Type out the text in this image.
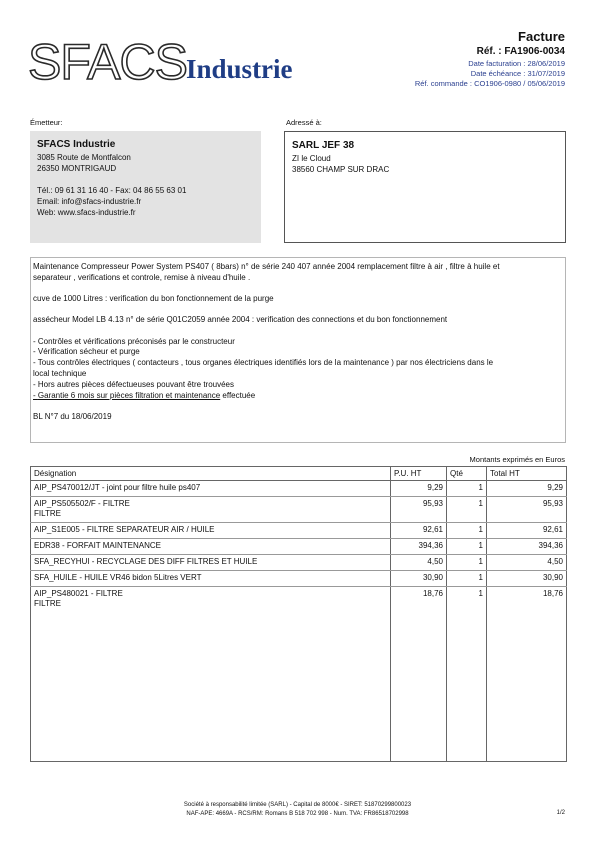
SFACS Industrie
Facture
Réf. : FA1906-0034
Date facturation : 28/06/2019
Date échéance : 31/07/2019
Réf. commande : CO1906-0980 / 05/06/2019
Émetteur:	Adressé à:
SFACS Industrie
3085 Route de Montfalcon
26350 MONTRIGAUD
Tél.: 09 61 31 16 40 - Fax: 04 86 55 63 01
Email: info@sfacs-industrie.fr
Web: www.sfacs-industrie.fr
SARL JEF 38
ZI le Cloud
38560 CHAMP SUR DRAC
Maintenance Compresseur Power System PS407 ( 8bars) n° de série 240 407 année 2004 remplacement filtre à air , filtre à huile et
separateur , verifications et controle, remise à niveau d'huile .
cuve de 1000 Litres : verification du bon fonctionnement de la purge
assécheur Model LB 4.13 n° de série Q01C2059 année 2004 : verification des connections et du bon fonctionnement
- Contrôles et vérifications préconisés par le constructeur
- Vérification sécheur et purge
- Tous contrôles électriques ( contacteurs , tous organes électriques identifiés lors de la maintenance ) par nos électriciens dans le
local technique
- Hors autres pièces défectueuses pouvant être trouvées
- Garantie 6 mois sur pièces filtration et maintenance effectuée
BL N°7 du 18/06/2019
Montants exprimés en Euros
Désignation	P.U. HT	Qté	Total HT

AIP_PS470012/JT - joint pour filtre huile ps407	9,29	1	9,29

AIP_PS505502/F - FILTRE
FILTRE	95,93	1	95,93

AIP_S1E005 - FILTRE SEPARATEUR AIR / HUILE	92,61	1	92,61

EDR38 - FORFAIT MAINTENANCE	394,36	1	394,36

SFA_RECYHUI - RECYCLAGE DES DIFF FILTRES ET HUILE	4,50	1	4,50

SFA_HUILE - HUILE VR46 bidon 5Litres VERT	30,90	1	30,90

AIP_PS480021 - FILTRE
FILTRE	18,76	1	18,76
Société à responsabilité limitée (SARL) - Capital de 8000€ - SIRET: 51870299800023
NAF-APE: 4669A - RCS/RM: Romans B 518 702 998 - Num. TVA: FR86518702998	1/2
